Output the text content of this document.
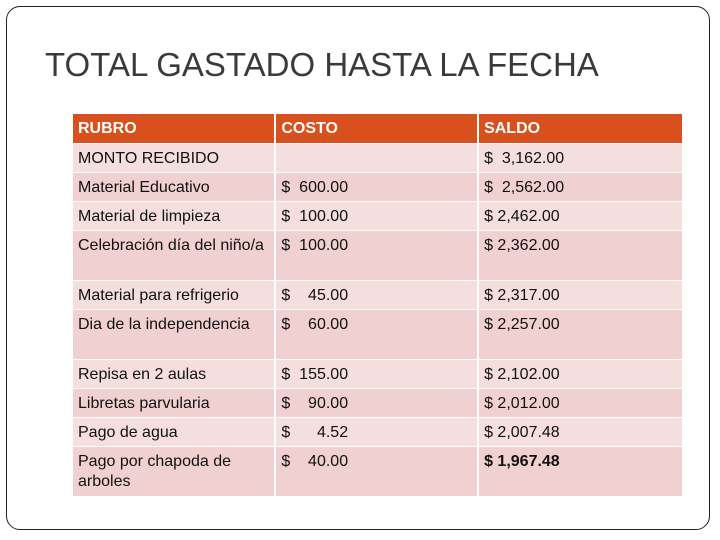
TOTAL GASTADO HASTA LA FECHA
RUBRO	COSTO	SALDO
MONTO RECIBIDO		$  3,162.00
Material Educativo	$  600.00	$  2,562.00
Material de limpieza	$  100.00	$ 2,462.00
Celebración día del niño/a	$  100.00	$ 2,362.00
Material para refrigerio	$    45.00	$ 2,317.00
Dia de la independencia	$    60.00	$ 2,257.00
Repisa en 2 aulas	$  155.00	$ 2,102.00
Libretas parvularia	$    90.00	$ 2,012.00
Pago de agua	$      4.52	$ 2,007.48
Pago por chapoda de arboles	$    40.00	$ 1,967.48
